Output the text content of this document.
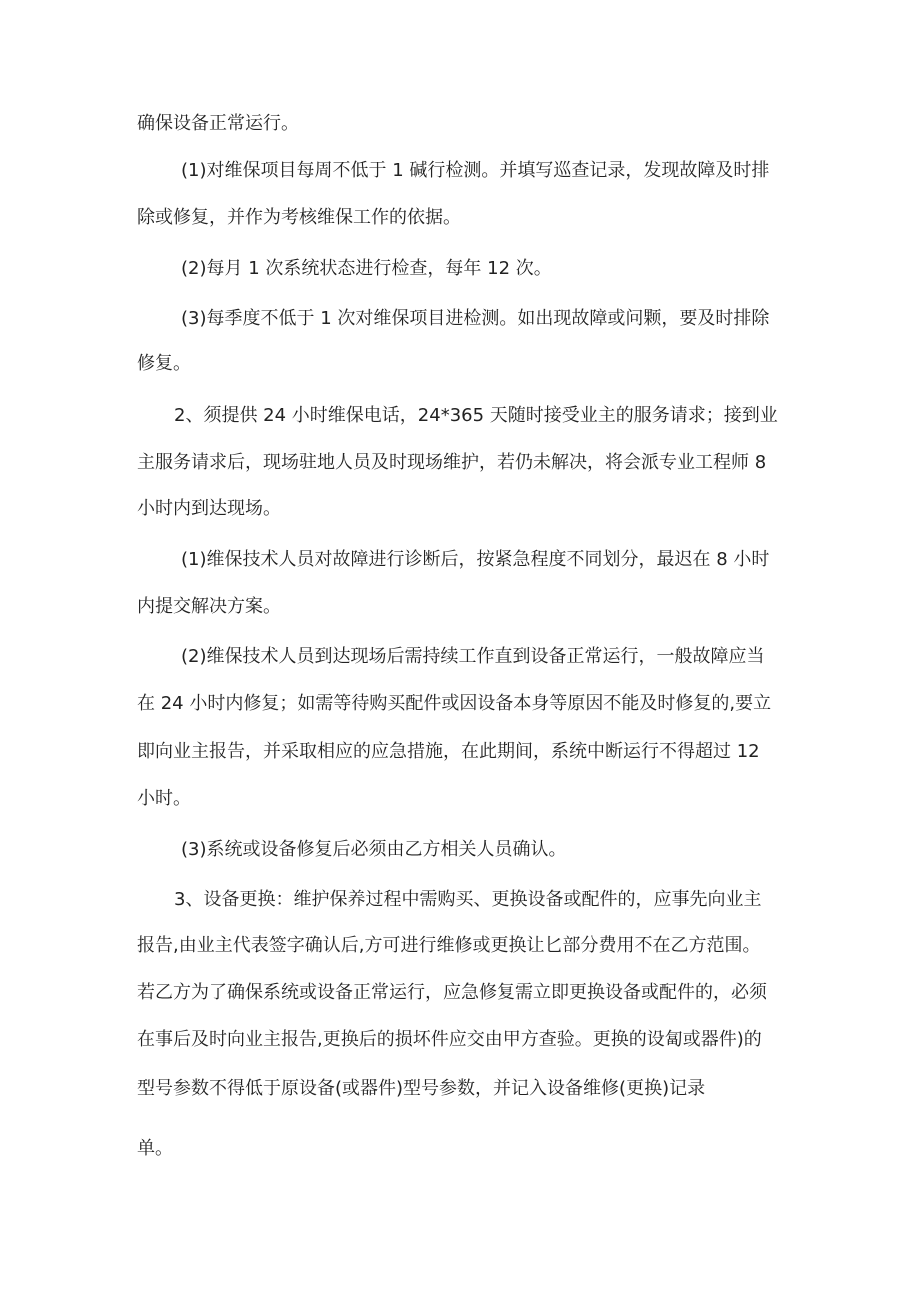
确保设备正常运行。
(1)对维保项目每周不低于 1 碱行检测。并填写巡查记录，发现故障及时排
除或修复，并作为考核维保工作的依据。
(2)每月 1 次系统状态进行检查，每年 12 次。
(3)每季度不低于 1 次对维保项目进检测。如出现故障或问颗，要及时排除
修复。
2、须提供 24 小时维保电话，24*365 天随时接受业主的服务请求；接到业
主服务请求后，现场驻地人员及时现场维护，若仍未解决，将会派专业工程师 8
小时内到达现场。
(1)维保技术人员对故障进行诊断后，按紧急程度不同划分，最迟在 8 小时
内提交解决方案。
(2)维保技术人员到达现场后需持续工作直到设备正常运行，一般故障应当
在 24 小时内修复；如需等待购买配件或因设备本身等原因不能及时修复的,要立
即向业主报告，并采取相应的应急措施，在此期间，系统中断运行不得超过 12
小时。
(3)系统或设备修复后必须由乙方相关人员确认。
3、设备更换：维护保养过程中需购买、更换设备或配件的，应事先向业主
报告,由业主代表签字确认后,方可进行维修或更换让匕部分费用不在乙方范围。
若乙方为了确保系统或设备正常运行，应急修复需立即更换设备或配件的，必须
在事后及时向业主报告,更换后的损坏件应交由甲方查验。更换的设匐或器件)的
型号参数不得低于原设备(或器件)型号参数，并记入设备维修(更换)记录
单。
